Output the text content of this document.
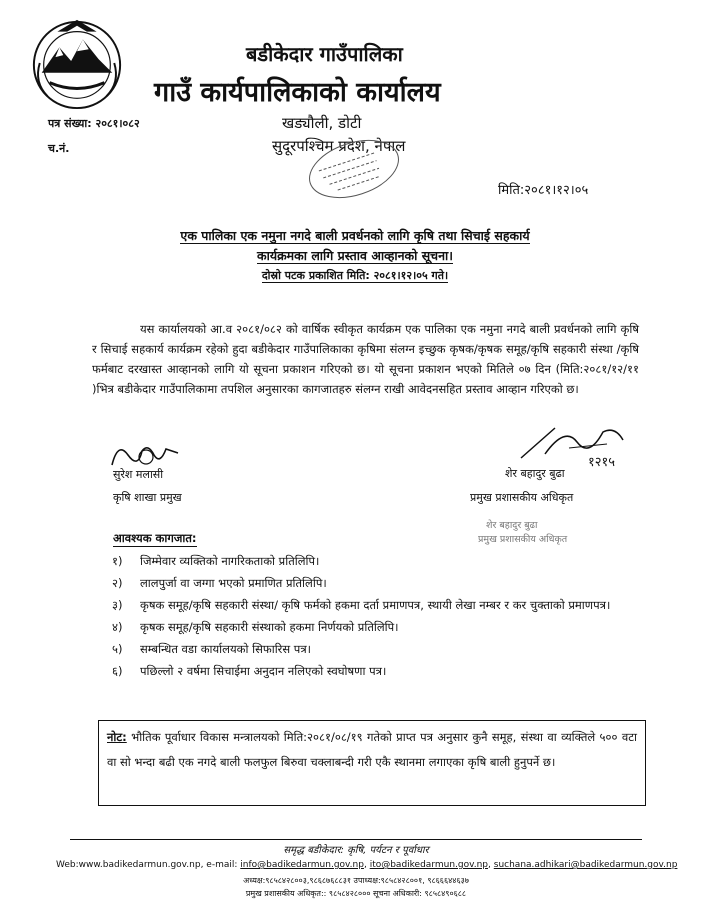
बडीकेदार गाउँपालिका
गाउँ कार्यपालिकाको कार्यालय
खड्यौली, डोटी
सुदूरपश्चिम प्रदेश, नेपाल
पत्र संख्या: २०८१।०८२
च.नं.
मिति:२०८१।१२।०५
एक पालिका एक नमुना नगदे बाली प्रवर्धनको लागि कृषि तथा सिचाई सहकार्य
कार्यक्रमका लागि प्रस्ताव आव्हानको सूचना।
दोस्रो पटक प्रकाशित मिति: २०८१।१२।०५ गते।
यस कार्यालयको आ.व २०८१/०८२ को वार्षिक स्वीकृत कार्यक्रम एक पालिका एक नमुना नगदे बाली प्रवर्धनको लागि कृषि र सिचाई सहकार्य कार्यक्रम रहेको हुदा बडीकेदार गाउँपालिकाका कृषिमा संलग्न इच्छुक कृषक/कृषक समूह/कृषि सहकारी संस्था /कृषि फर्मबाट दरखास्त आव्हानको लागि यो सूचना प्रकाशन गरिएको छ। यो सूचना प्रकाशन भएको मितिले ०७ दिन (मिति:२०८१/१२/११ )भित्र बडीकेदार गाउँपालिकामा तपशिल अनुसारका कागजातहरु संलग्न राखी आवेदनसहित प्रस्ताव आव्हान गरिएको छ।
सुरेश मलासी
कृषि शाखा प्रमुख
१२१५
शेर बहादुर बुढा
प्रमुख प्रशासकीय अधिकृत
शेर बहादुर बुढा
प्रमुख प्रशासकीय अधिकृत
आवश्यक कागजात:
१)	जिम्मेवार व्यक्तिको नागरिकताको प्रतिलिपि।
२)	लालपुर्जा वा जग्गा भएको प्रमाणित प्रतिलिपि।
३)	कृषक समूह/कृषि सहकारी संस्था/ कृषि फर्मको हकमा दर्ता प्रमाणपत्र, स्थायी लेखा नम्बर र कर चुक्ताको प्रमाणपत्र।
४)	कृषक समूह/कृषि सहकारी संस्थाको हकमा निर्णयको प्रतिलिपि।
५)	सम्बन्धित वडा कार्यालयको सिफारिस पत्र।
६)	पछिल्लो २ वर्षमा सिचाईमा अनुदान नलिएको स्वघोषणा पत्र।
नोट: भौतिक पूर्वाधार विकास मन्त्रालयको मिति:२०८१/०८/१९ गतेको प्राप्त पत्र अनुसार कुनै समूह, संस्था वा व्यक्तिले ५०० वटा वा सो भन्दा बढी एक नगदे बाली फलफुल बिरुवा चक्लाबन्दी गरी एकै स्थानमा लगाएका कृषि बाली हुनुपर्ने छ।
समृद्ध बडीकेदार: कृषि, पर्यटन र पूर्वाधार
Web:www.badikedarmun.gov.np, e-mail: info@badikedarmun.gov.np, ito@badikedarmun.gov.np, suchana.adhikari@badikedarmun.gov.np
अध्यक्ष:९८५८४२८००३,९८६८७६८८३१ उपाध्यक्ष:९८५८४२८००१, ९८६६६४४६३७
प्रमुख प्रशासकीय अधिकृत:: ९८५८४२८००० सूचना अधिकारी: ९८५८४९०६८८
